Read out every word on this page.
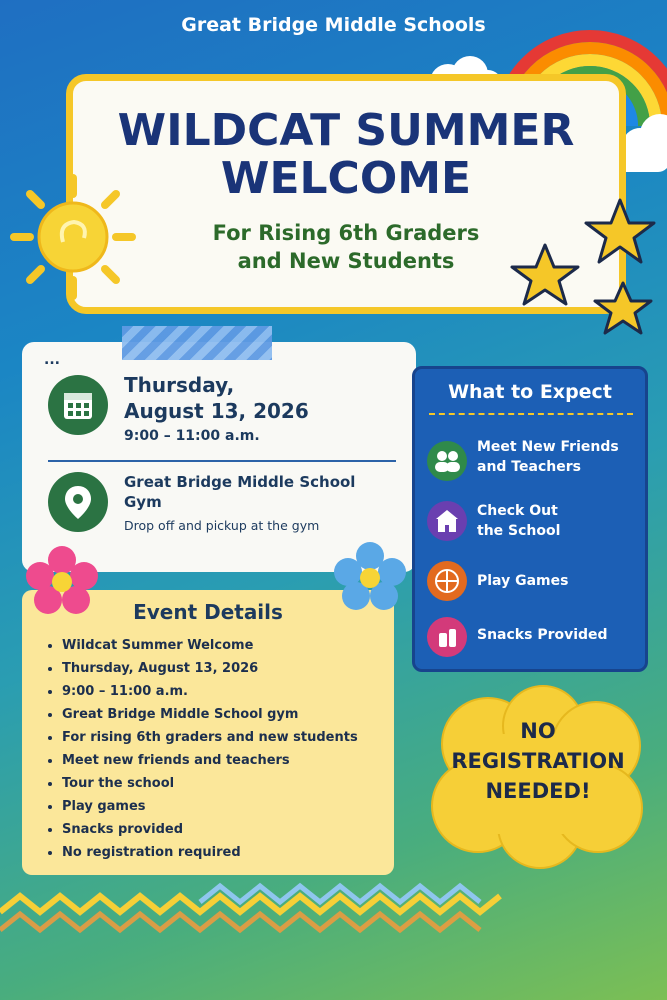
Great Bridge Middle Schools
WILDCAT SUMMER
WELCOME
For Rising 6th Graders
and New Students
...
Thursday,
August 13, 2026
9:00 – 11:00 a.m.
Great Bridge Middle School
Gym
Drop off and pickup at the gym
What to Expect
Meet New Friends
and Teachers
Check Out
the School
Play Games
Snacks Provided
Event Details
• Wildcat Summer Welcome
• Thursday, August 13, 2026
• 9:00 – 11:00 a.m.
• Great Bridge Middle School gym
• For rising 6th graders and new students
• Meet new friends and teachers
• Tour the school
• Play games
• Snacks provided
• No registration required
NO
REGISTRATION
NEEDED!
